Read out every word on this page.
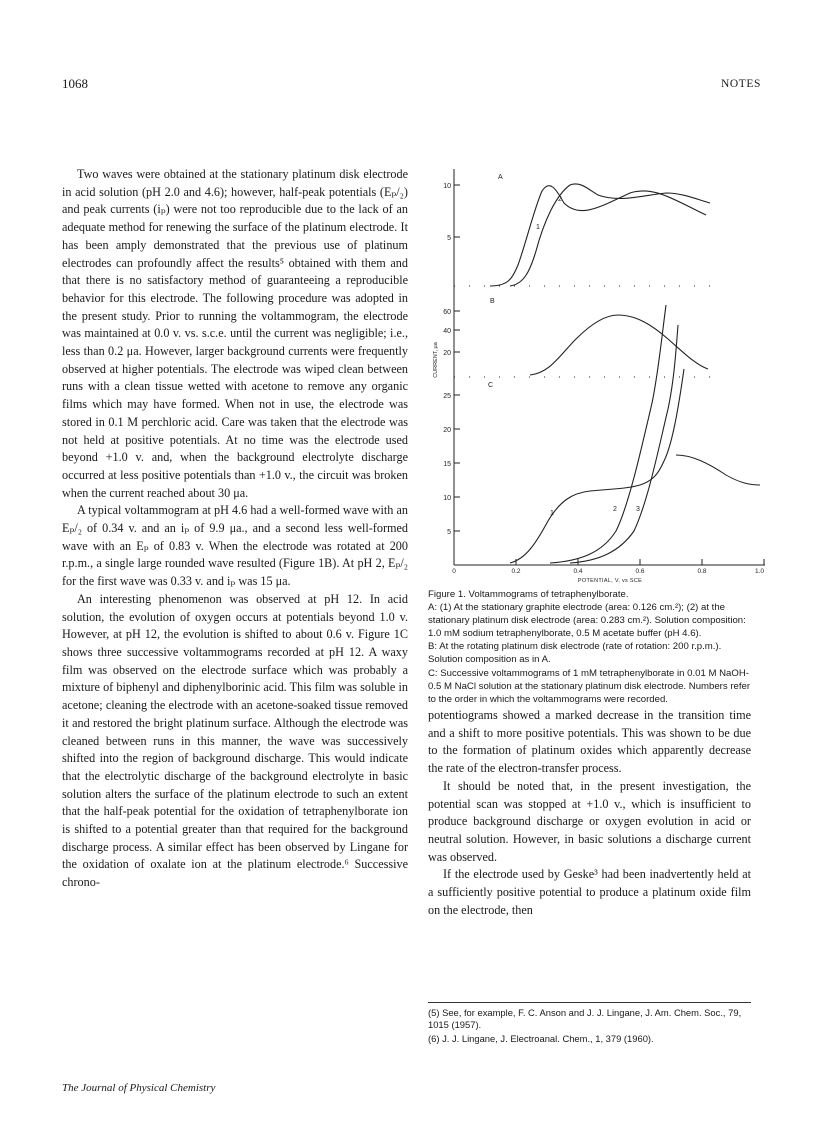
1068	NOTES

Two waves were obtained at the stationary platinum disk electrode in acid solution (pH 2.0 and 4.6); however, half-peak potentials (Eₚ/₂) and peak currents (iₚ) were not too reproducible due to the lack of an adequate method for renewing the surface of the platinum electrode. It has been amply demonstrated that the previous use of platinum electrodes can profoundly affect the results⁵ obtained with them and that there is no satisfactory method of guaranteeing a reproducible behavior for this electrode. The following procedure was adopted in the present study. Prior to running the voltammogram, the electrode was maintained at 0.0 v. vs. s.c.e. until the current was negligible; i.e., less than 0.2 μa. However, larger background currents were frequently observed at higher potentials. The electrode was wiped clean between runs with a clean tissue wetted with acetone to remove any organic films which may have formed. When not in use, the electrode was stored in 0.1 M perchloric acid. Care was taken that the electrode was not held at positive potentials. At no time was the electrode used beyond +1.0 v. and, when the background electrolyte discharge occurred at less positive potentials than +1.0 v., the circuit was broken when the current reached about 30 μa.

A typical voltammogram at pH 4.6 had a well-formed wave with an Eₚ/₂ of 0.34 v. and an iₚ of 9.9 μa., and a second less well-formed wave with an Eₚ of 0.83 v. When the electrode was rotated at 200 r.p.m., a single large rounded wave resulted (Figure 1B). At pH 2, Eₚ/₂ for the first wave was 0.33 v. and iₚ was 15 μa.

An interesting phenomenon was observed at pH 12. In acid solution, the evolution of oxygen occurs at potentials beyond 1.0 v. However, at pH 12, the evolution is shifted to about 0.6 v. Figure 1C shows three successive voltammograms recorded at pH 12. A waxy film was observed on the electrode surface which was probably a mixture of biphenyl and diphenylborinic acid. This film was soluble in acetone; cleaning the electrode with an acetone-soaked tissue removed it and restored the bright platinum surface. Although the electrode was cleaned between runs in this manner, the wave was successively shifted into the region of background discharge. This would indicate that the electrolytic discharge of the background electrolyte in basic solution alters the surface of the platinum electrode to such an extent that the half-peak potential for the oxidation of tetraphenylborate ion is shifted to a potential greater than that required for the background discharge process. A similar effect has been observed by Lingane for the oxidation of oxalate ion at the platinum electrode.⁶ Successive chrono-

1
2
A
10
5
B
60
40
20
1
2	3
C
25
20
15
10
5
0	0.2	0.4	0.6	0.8	1.0
POTENTIAL, V, vs SCE
CURRENT, μa

Figure 1. Voltammograms of tetraphenylborate.

A: (1) At the stationary graphite electrode (area: 0.126 cm.²); (2) at the stationary platinum disk electrode (area: 0.283 cm.²). Solution composition: 1.0 mM sodium tetraphenylborate, 0.5 M acetate buffer (pH 4.6).

B: At the rotating platinum disk electrode (rate of rotation: 200 r.p.m.). Solution composition as in A.

C: Successive voltammograms of 1 mM tetraphenylborate in 0.01 M NaOH-0.5 M NaCl solution at the stationary platinum disk electrode. Numbers refer to the order in which the voltammograms were recorded.

potentiograms showed a marked decrease in the transition time and a shift to more positive potentials. This was shown to be due to the formation of platinum oxides which apparently decrease the rate of the electron-transfer process.

It should be noted that, in the present investigation, the potential scan was stopped at +1.0 v., which is insufficient to produce background discharge or oxygen evolution in acid or neutral solution. However, in basic solutions a discharge current was observed.

If the electrode used by Geske³ had been inadvertently held at a sufficiently positive potential to produce a platinum oxide film on the electrode, then

(5) See, for example, F. C. Anson and J. J. Lingane, J. Am. Chem. Soc., 79, 1015 (1957).

(6) J. J. Lingane, J. Electroanal. Chem., 1, 379 (1960).

The Journal of Physical Chemistry
